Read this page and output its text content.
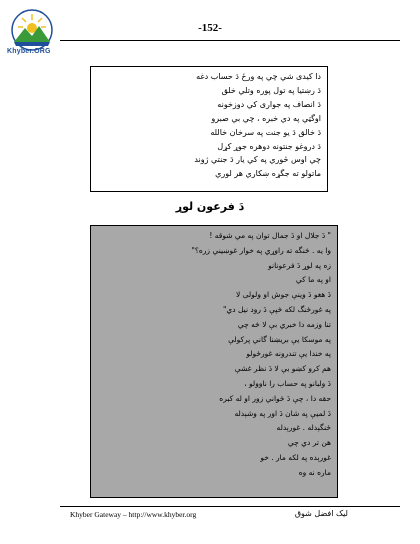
Khyber.ORG
-152-
دا کيدی شي چي په ورځ دَ حساب دغه
دَ رښتيا په تول پوره وتلي خلق
دَ انصاف په جواری کي دوزخونه
اوگټي په دي خبره ، چي بي صبرو
دَ خالق دَ يو جنت په سرخان خالله
دَ دروغو جنتونه دوهره جوړ کړل
چي اوس څوري په کي يار دَ جنتي ژوند
ماتولو ته جگړه ښکاري هر لوري
دَ فرعون لوړ
" دَ جلال او دَ جمال توان په مي شوقه !
وا يه . څنگه ته راوړي په خوار غوښيني زره؟"
زه په لوړ دَ فرعونانو
او په ما کي
دَ هغو دَ وينې جوش او ولولی لا
په غورځنگ لکه څپې دَ رود نيل دي"
تنا وزمه دا خبري بې لا څه چي
په موسکا يې بريښنا گاني پرکولې
په خندا يې تندرونه غورځولو
هم کرو کښو بې لا دَ نظر غشې
دَ ولبانو په حساب را ناوولو ،
حقه دا ، چې دَ ځواني زور او له کبره
دَ لميې په شان دَ اور په وشېدله
ځنگېدله . غورېدله
هن تر دي چي
غورېده په لکه مار . خو
ماره نه وه
Khyber Gateway – http://www.khyber.org	ليک افضل شوق
